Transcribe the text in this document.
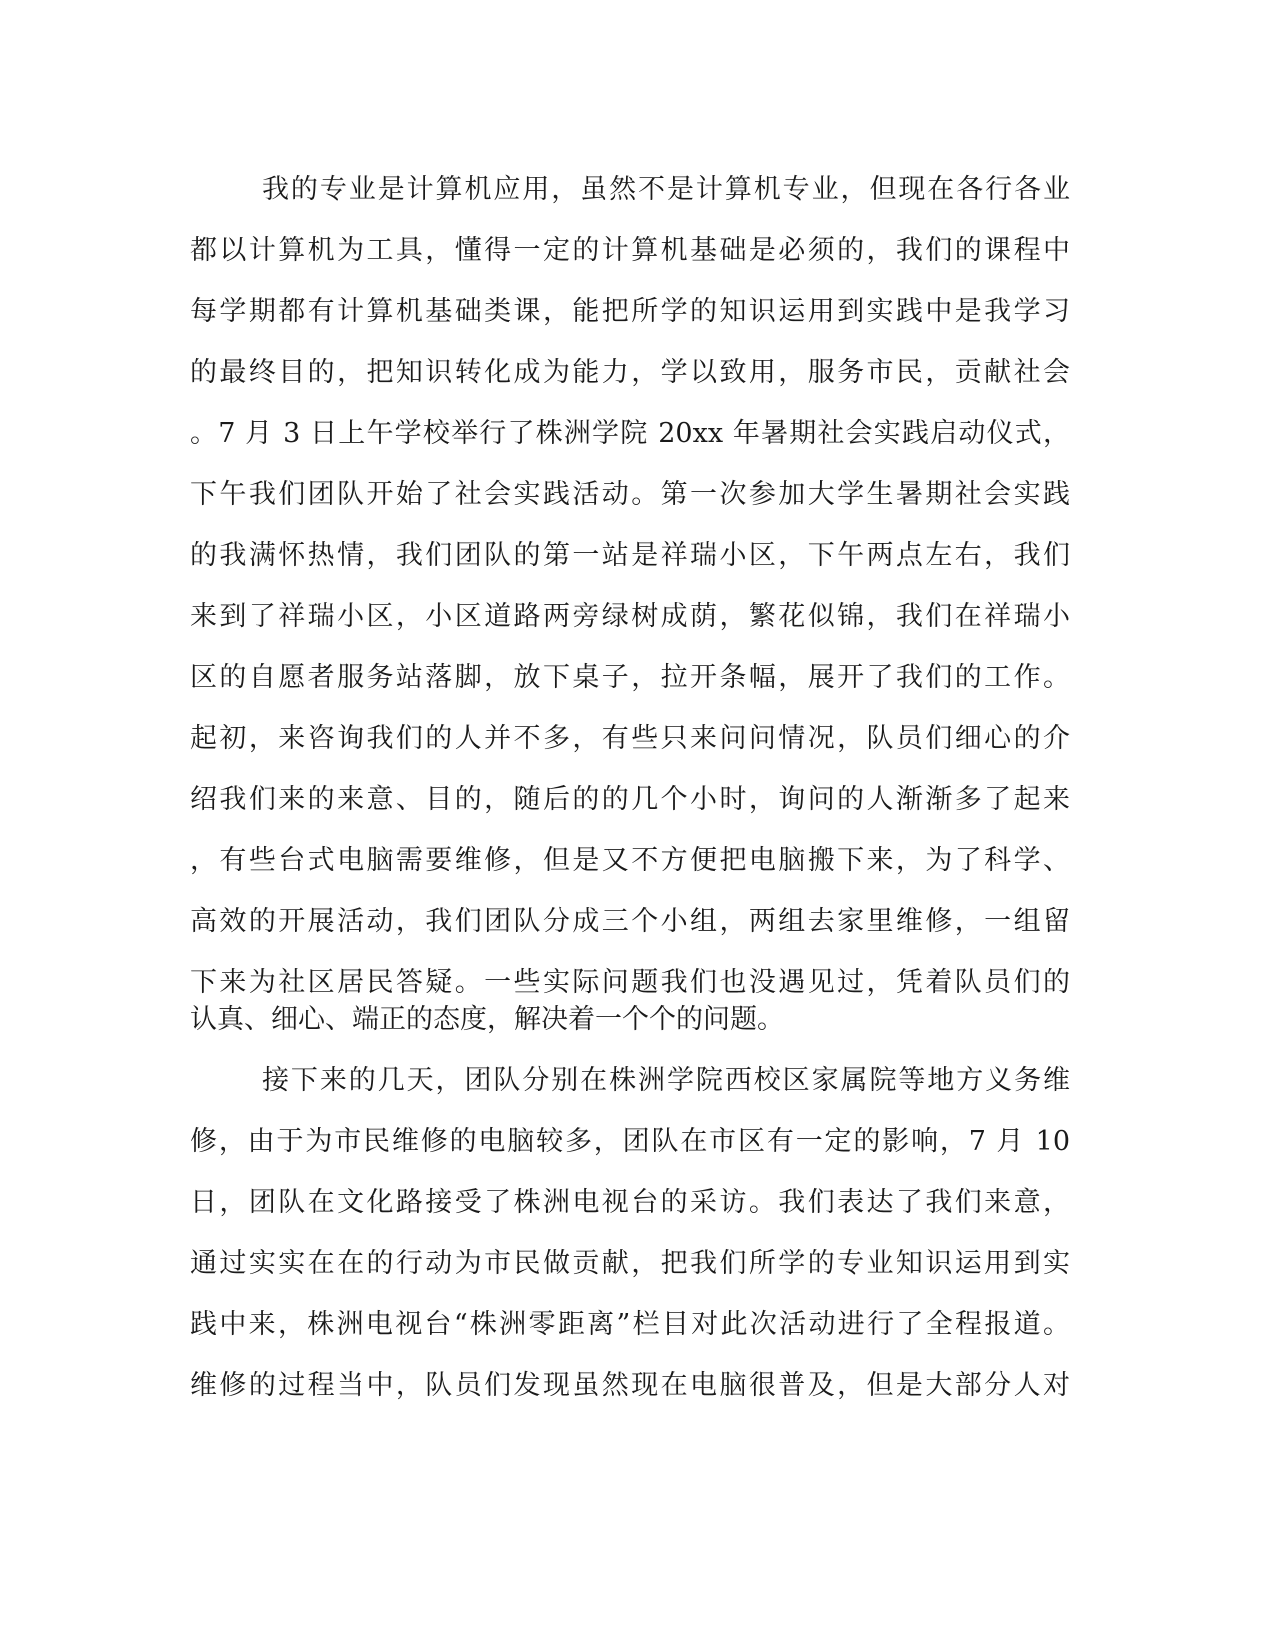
我的专业是计算机应用，虽然不是计算机专业，但现在各行各业
都以计算机为工具，懂得一定的计算机基础是必须的，我们的课程中
每学期都有计算机基础类课，能把所学的知识运用到实践中是我学习
的最终目的，把知识转化成为能力，学以致用，服务市民，贡献社会
。7 月 3 日上午学校举行了株洲学院 20xx 年暑期社会实践启动仪式，
下午我们团队开始了社会实践活动。第一次参加大学生暑期社会实践
的我满怀热情，我们团队的第一站是祥瑞小区，下午两点左右，我们
来到了祥瑞小区，小区道路两旁绿树成荫，繁花似锦，我们在祥瑞小
区的自愿者服务站落脚，放下桌子，拉开条幅，展开了我们的工作。
起初，来咨询我们的人并不多，有些只来问问情况，队员们细心的介
绍我们来的来意、目的，随后的的几个小时，询问的人渐渐多了起来
，有些台式电脑需要维修，但是又不方便把电脑搬下来，为了科学、
高效的开展活动，我们团队分成三个小组，两组去家里维修，一组留
下来为社区居民答疑。一些实际问题我们也没遇见过，凭着队员们的
认真、细心、端正的态度，解决着一个个的问题。
接下来的几天，团队分别在株洲学院西校区家属院等地方义务维
修，由于为市民维修的电脑较多，团队在市区有一定的影响，7 月 10
日，团队在文化路接受了株洲电视台的采访。我们表达了我们来意，
通过实实在在的行动为市民做贡献，把我们所学的专业知识运用到实
践中来，株洲电视台“株洲零距离”栏目对此次活动进行了全程报道。
维修的过程当中，队员们发现虽然现在电脑很普及，但是大部分人对
